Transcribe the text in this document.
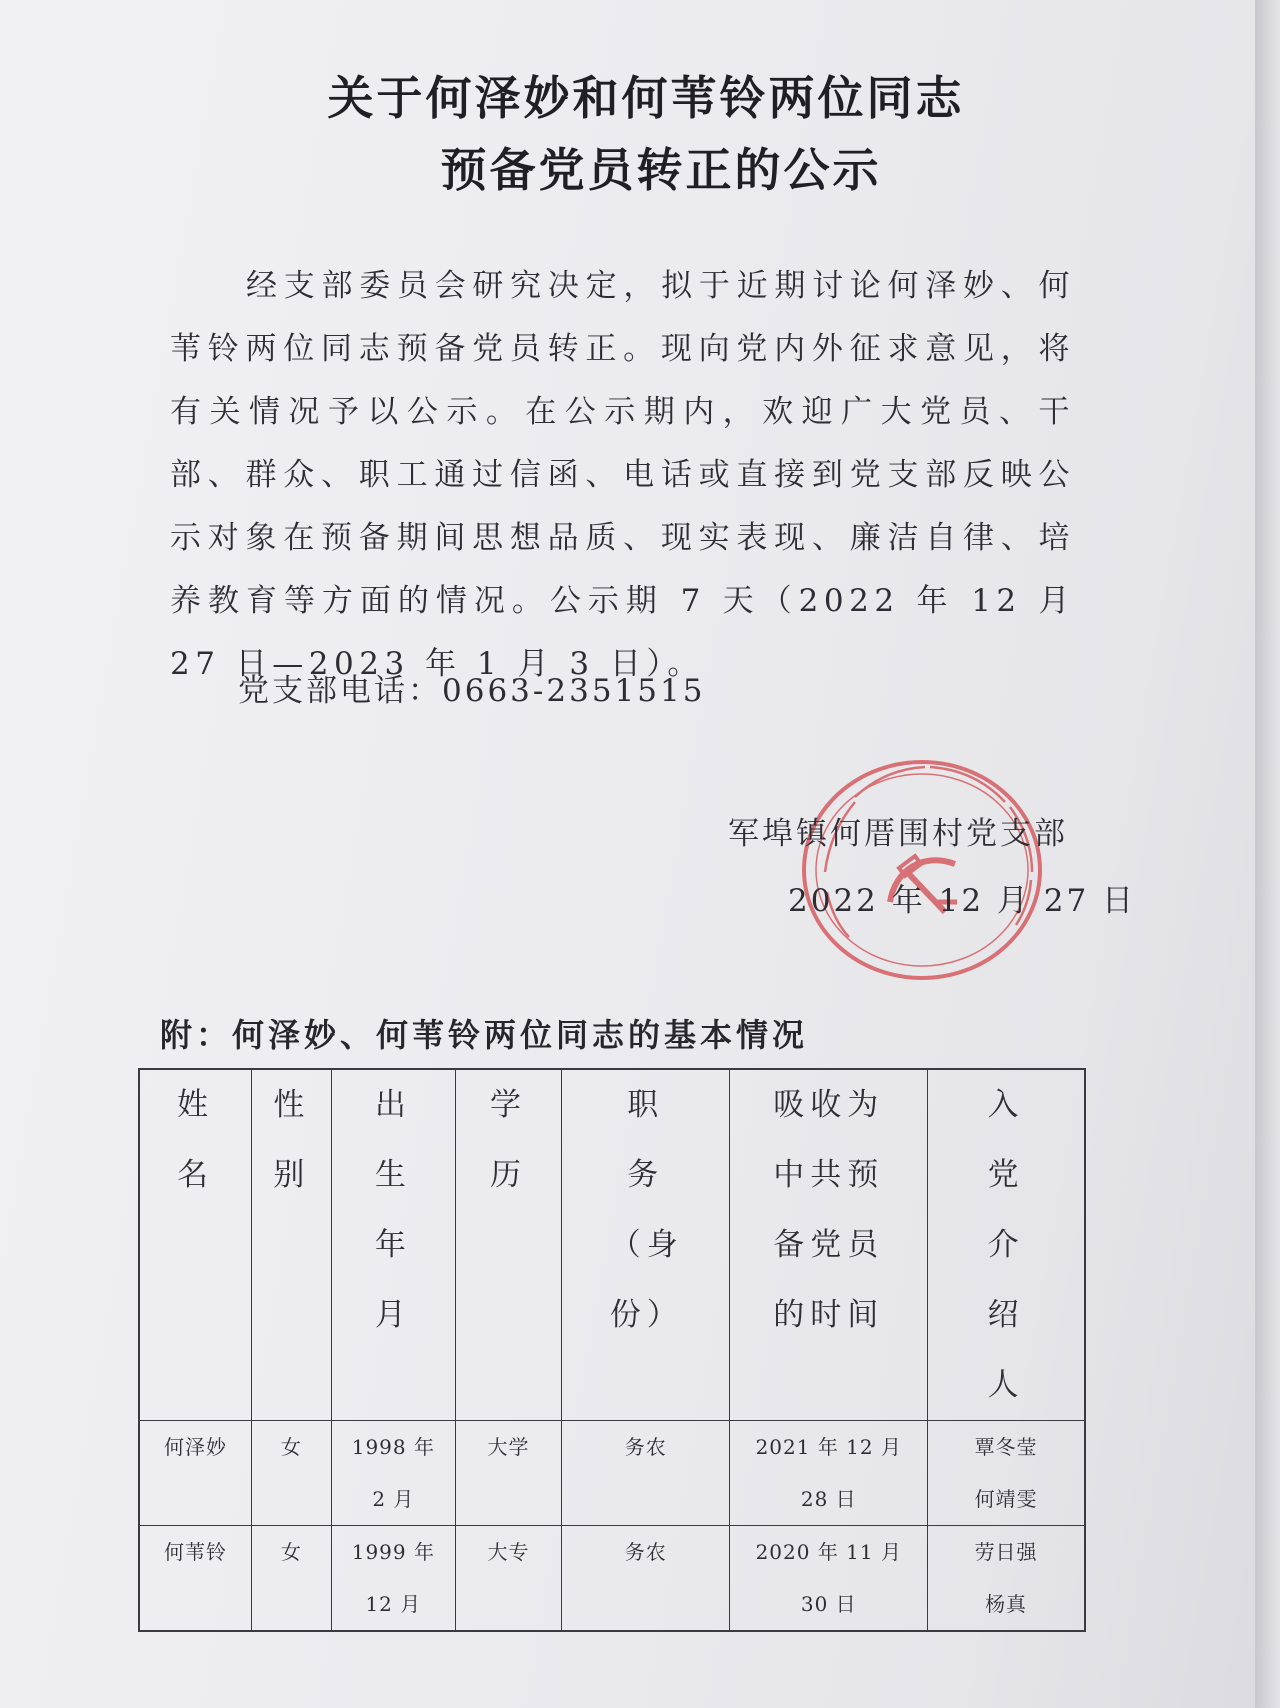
关于何泽妙和何苇铃两位同志
预备党员转正的公示
经支部委员会研究决定，拟于近期讨论何泽妙、何苇铃两位同志预备党员转正。现向党内外征求意见，将有关情况予以公示。在公示期内，欢迎广大党员、干部、群众、职工通过信函、电话或直接到党支部反映公示对象在预备期间思想品质、现实表现、廉洁自律、培养教育等方面的情况。公示期 7 天（2022 年 12 月 27 日—2023 年 1 月 3 日）。
党支部电话：0663-2351515
军埠镇何厝围村党支部
2022 年 12 月 27 日
附：何泽妙、何苇铃两位同志的基本情况
姓名	性别	出生年月	学历	职务（身份）	吸收为中共预备党员的时间	入党介绍人

何泽妙	女	1998 年 2 月	大学	务农	2021 年 12 月 28 日	覃冬莹 何靖雯

何苇铃	女	1999 年 12 月	大专	务农	2020 年 11 月 30 日	劳日强 杨真
